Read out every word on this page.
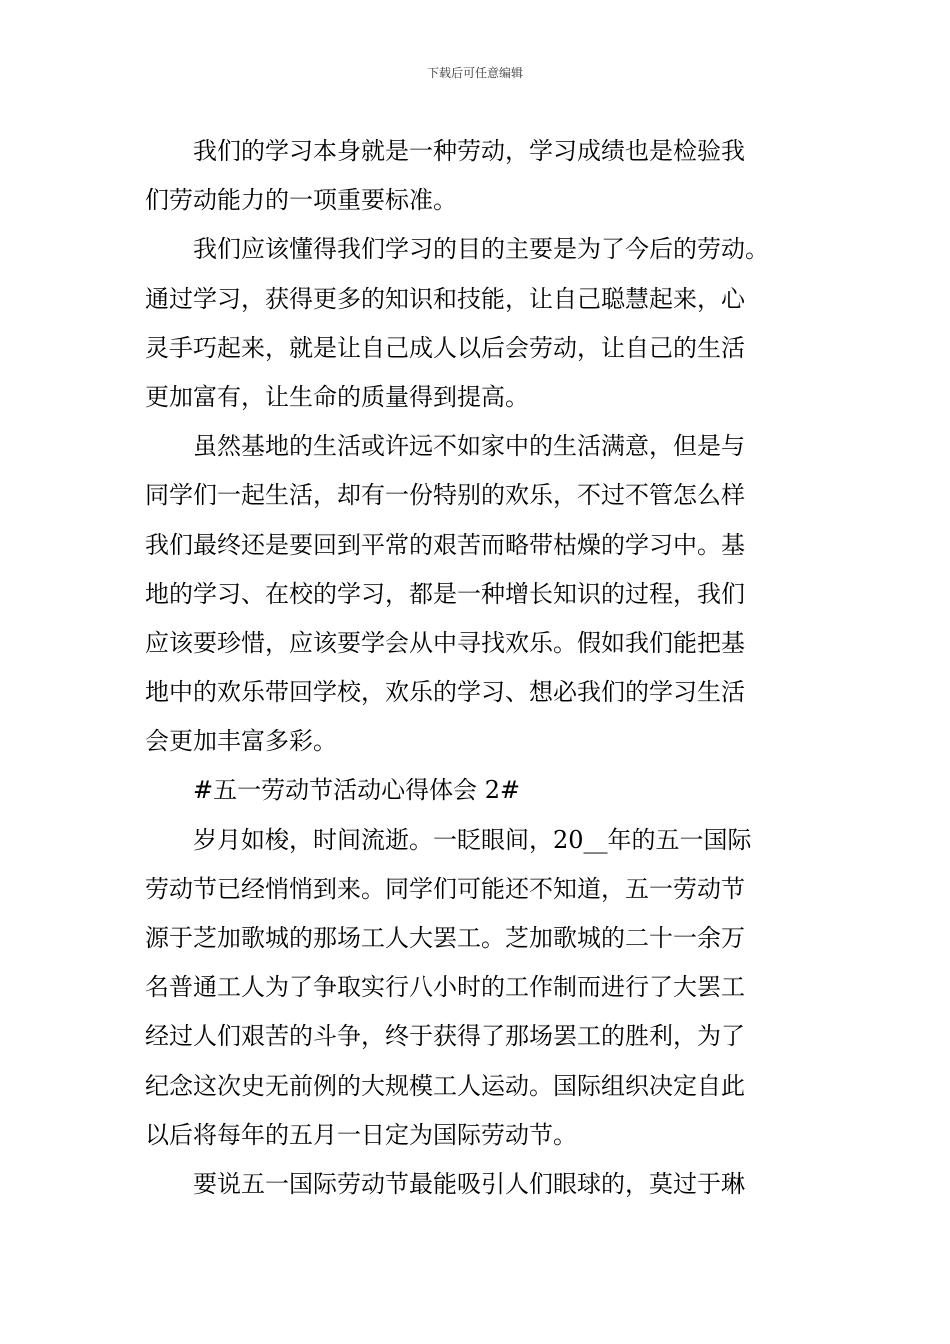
下载后可任意编辑
我们的学习本身就是一种劳动，学习成绩也是检验我
们劳动能力的一项重要标准。
我们应该懂得我们学习的目的主要是为了今后的劳动。
通过学习，获得更多的知识和技能，让自己聪慧起来，心
灵手巧起来，就是让自己成人以后会劳动，让自己的生活
更加富有，让生命的质量得到提高。
虽然基地的生活或许远不如家中的生活满意，但是与
同学们一起生活，却有一份特别的欢乐，不过不管怎么样
我们最终还是要回到平常的艰苦而略带枯燥的学习中。基
地的学习、在校的学习，都是一种增长知识的过程，我们
应该要珍惜，应该要学会从中寻找欢乐。假如我们能把基
地中的欢乐带回学校，欢乐的学习、想必我们的学习生活
会更加丰富多彩。
#五一劳动节活动心得体会 2#
岁月如梭，时间流逝。一眨眼间，20__年的五一国际
劳动节已经悄悄到来。同学们可能还不知道，五一劳动节
源于芝加歌城的那场工人大罢工。芝加歌城的二十一余万
名普通工人为了争取实行八小时的工作制而进行了大罢工
经过人们艰苦的斗争，终于获得了那场罢工的胜利，为了
纪念这次史无前例的大规模工人运动。国际组织决定自此
以后将每年的五月一日定为国际劳动节。
要说五一国际劳动节最能吸引人们眼球的，莫过于琳
